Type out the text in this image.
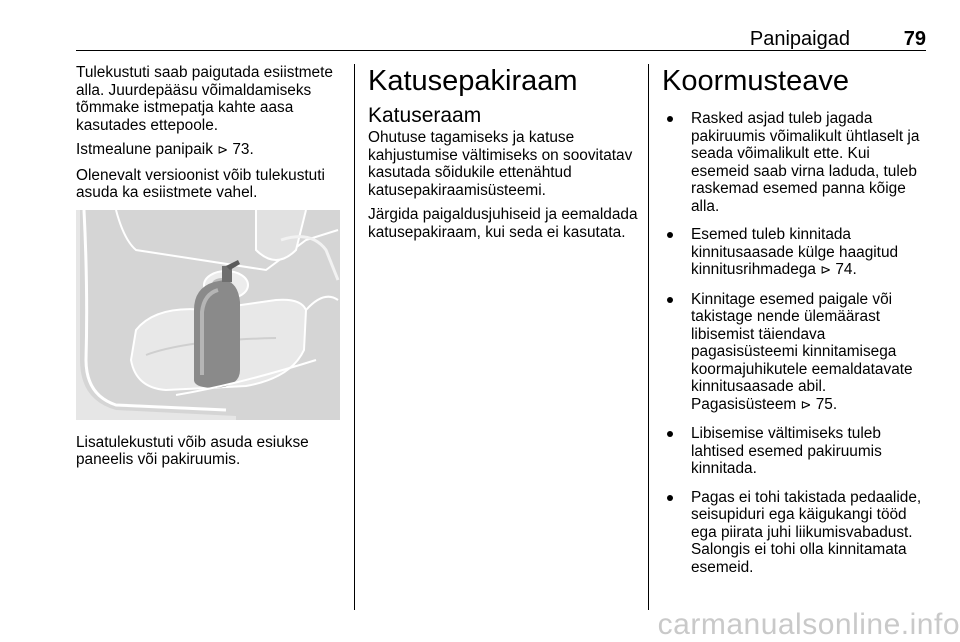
Panipaigad	79

Tulekustuti saab paigutada esiistmete alla. Juurdepääsu võimaldamiseks tõmmake istmepatja kahte aasa kasutades ettepoole.

Istmealune panipaik ⊳ 73.

Olenevalt versioonist võib tulekustuti asuda ka esiistmete vahel.

Lisatulekustuti võib asuda esiukse paneelis või pakiruumis.

Katusepakiraam
Katuseraam

Ohutuse tagamiseks ja katuse kahjustumise vältimiseks on soovitatav kasutada sõidukile ettenähtud katusepakiraamisüsteemi.

Järgida paigaldusjuhiseid ja eemaldada katusepakiraam, kui seda ei kasutata.

Koormusteave
Rasked asjad tuleb jagada pakiruumis võimalikult ühtlaselt ja seada võimalikult ette. Kui esemeid saab virna laduda, tuleb raskemad esemed panna kõige alla.
Esemed tuleb kinnitada kinnitusaasade külge haagitud kinnitusrihmadega ⊳ 74.
Kinnitage esemed paigale või takistage nende ülemäärast libisemist täiendava pagasisüsteemi kinnitamisega koormajuhikutele eemaldatavate kinnitusaasade abil. Pagasisüsteem ⊳ 75.
Libisemise vältimiseks tuleb lahtised esemed pakiruumis kinnitada.
Pagas ei tohi takistada pedaalide, seisupiduri ega käigukangi tööd ega piirata juhi liikumisvabadust. Salongis ei tohi olla kinnitamata esemeid.
carmanualsonline.info
